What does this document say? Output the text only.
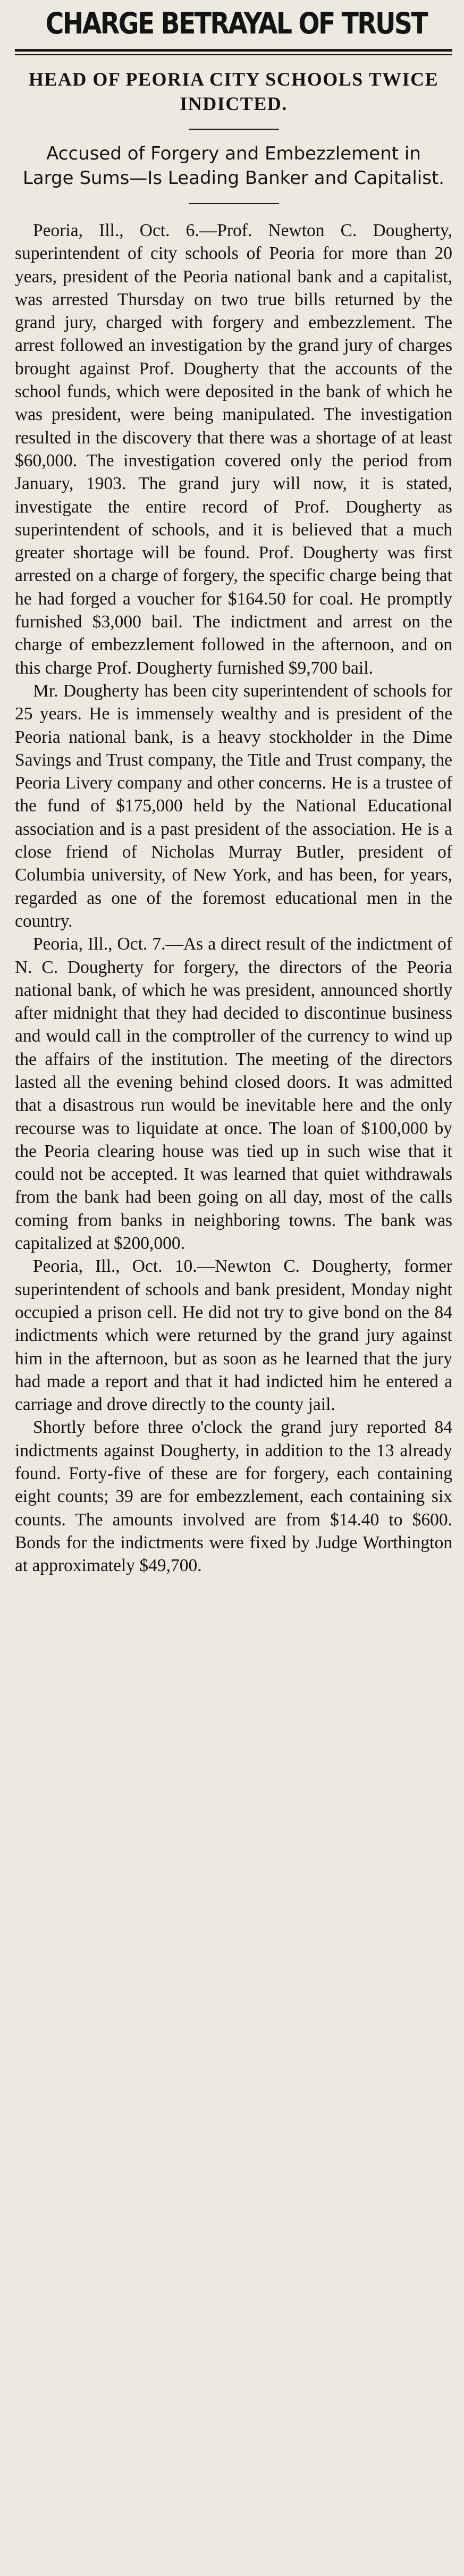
CHARGE BETRAYAL OF TRUST
HEAD OF PEORIA CITY SCHOOLS TWICE INDICTED.
Accused of Forgery and Embezzlement in Large Sums—Is Leading Banker and Capitalist.

Peoria, Ill., Oct. 6.—Prof. Newton C. Dougherty, superintendent of city schools of Peoria for more than 20 years, president of the Peoria national bank and a capitalist, was arrested Thursday on two true bills returned by the grand jury, charged with forgery and embezzlement. The arrest followed an investigation by the grand jury of charges brought against Prof. Dougherty that the accounts of the school funds, which were deposited in the bank of which he was president, were being manipulated. The investigation resulted in the discovery that there was a shortage of at least $60,000. The investigation covered only the period from January, 1903. The grand jury will now, it is stated, investigate the entire record of Prof. Dougherty as superintendent of schools, and it is believed that a much greater shortage will be found. Prof. Dougherty was first arrested on a charge of forgery, the specific charge being that he had forged a voucher for $164.50 for coal. He promptly furnished $3,000 bail. The indictment and arrest on the charge of embezzlement followed in the afternoon, and on this charge Prof. Dougherty furnished $9,700 bail.

Mr. Dougherty has been city superintendent of schools for 25 years. He is immensely wealthy and is president of the Peoria national bank, is a heavy stockholder in the Dime Savings and Trust company, the Title and Trust company, the Peoria Livery company and other concerns. He is a trustee of the fund of $175,000 held by the National Educational association and is a past president of the association. He is a close friend of Nicholas Murray Butler, president of Columbia university, of New York, and has been, for years, regarded as one of the foremost educational men in the country.

Peoria, Ill., Oct. 7.—As a direct result of the indictment of N. C. Dougherty for forgery, the directors of the Peoria national bank, of which he was president, announced shortly after midnight that they had decided to discontinue business and would call in the comptroller of the currency to wind up the affairs of the institution. The meeting of the directors lasted all the evening behind closed doors. It was admitted that a disastrous run would be inevitable here and the only recourse was to liquidate at once. The loan of $100,000 by the Peoria clearing house was tied up in such wise that it could not be accepted. It was learned that quiet withdrawals from the bank had been going on all day, most of the calls coming from banks in neighboring towns. The bank was capitalized at $200,000.

Peoria, Ill., Oct. 10.—Newton C. Dougherty, former superintendent of schools and bank president, Monday night occupied a prison cell. He did not try to give bond on the 84 indictments which were returned by the grand jury against him in the afternoon, but as soon as he learned that the jury had made a report and that it had indicted him he entered a carriage and drove directly to the county jail.

Shortly before three o'clock the grand jury reported 84 indictments against Dougherty, in addition to the 13 already found. Forty-five of these are for forgery, each containing eight counts; 39 are for embezzlement, each containing six counts. The amounts involved are from $14.40 to $600. Bonds for the indictments were fixed by Judge Worthington at approximately $49,700.
